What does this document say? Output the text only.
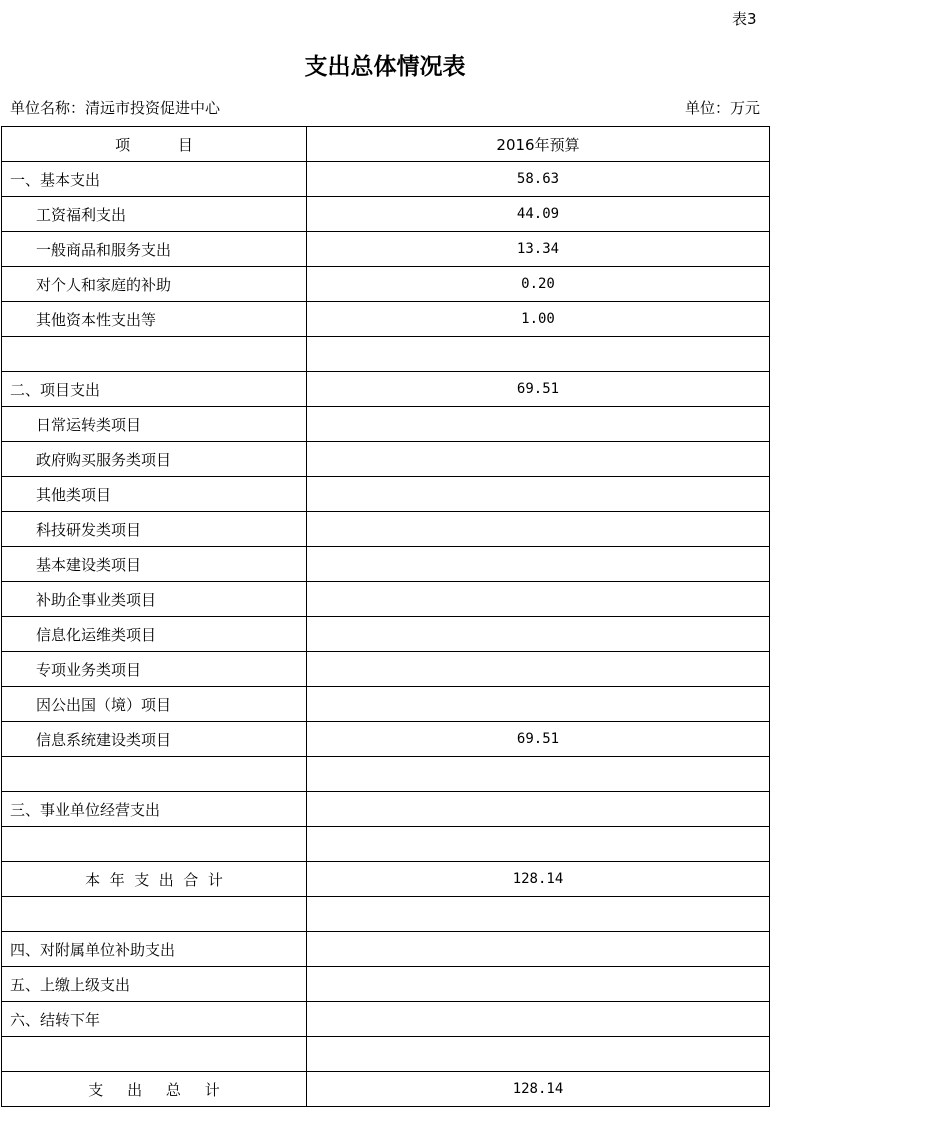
表3
支出总体情况表
单位名称：清远市投资促进中心	单位：万元
项          目	2016年预算
一、基本支出	58.63
工资福利支出	44.09
一般商品和服务支出	13.34
对个人和家庭的补助	0.20
其他资本性支出等	1.00

二、项目支出	69.51
日常运转类项目	
政府购买服务类项目	
其他类项目	
科技研发类项目	
基本建设类项目	
补助企事业类项目	
信息化运维类项目	
专项业务类项目	
因公出国（境）项目	
信息系统建设类项目	69.51

三、事业单位经营支出	

本  年  支  出  合  计	128.14

四、对附属单位补助支出	
五、上缴上级支出	
六、结转下年	

支     出     总     计	128.14
